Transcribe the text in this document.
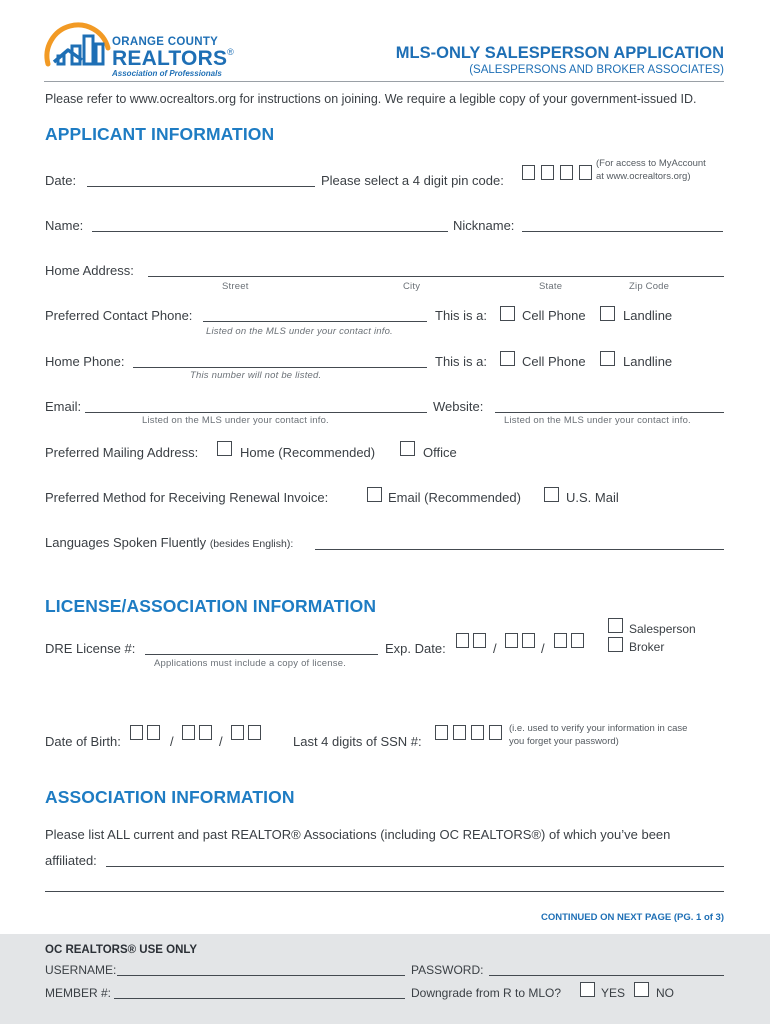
ORANGE COUNTY
REALTORS®
Association of Professionals
MLS-ONLY SALESPERSON APPLICATION
(SALESPERSONS AND BROKER ASSOCIATES)
Please refer to www.ocrealtors.org for instructions on joining. We require a legible copy of your government-issued ID.
APPLICANT INFORMATION
Date:	Please select a 4 digit pin code:
(For access to MyAccount
at www.ocrealtors.org)
Name:	Nickname:
Home Address:
Street	City	State	Zip Code
Preferred Contact Phone:
Listed on the MLS under your contact info.
This is a:	Cell Phone	Landline
Home Phone:
This number will not be listed.
This is a:	Cell Phone	Landline
Email:
Listed on the MLS under your contact info.
Website:
Listed on the MLS under your contact info.
Preferred Mailing Address:	Home (Recommended)	Office
Preferred Method for Receiving Renewal Invoice:	Email (Recommended)	U.S. Mail
Languages Spoken Fluently (besides English):
LICENSE/ASSOCIATION INFORMATION
DRE License #:
Applications must include a copy of license.
Exp. Date:	/	/
Salesperson
Broker
Date of Birth:	/	/	Last 4 digits of SSN #:
(i.e. used to verify your information in case
you forget your password)
ASSOCIATION INFORMATION
Please list ALL current and past REALTOR® Associations (including OC REALTORS®) of which you’ve been
affiliated:
CONTINUED ON NEXT PAGE (PG. 1 of 3)
OC REALTORS® USE ONLY
USERNAME:	PASSWORD:
MEMBER #:	Downgrade from R to MLO?	YES	NO
